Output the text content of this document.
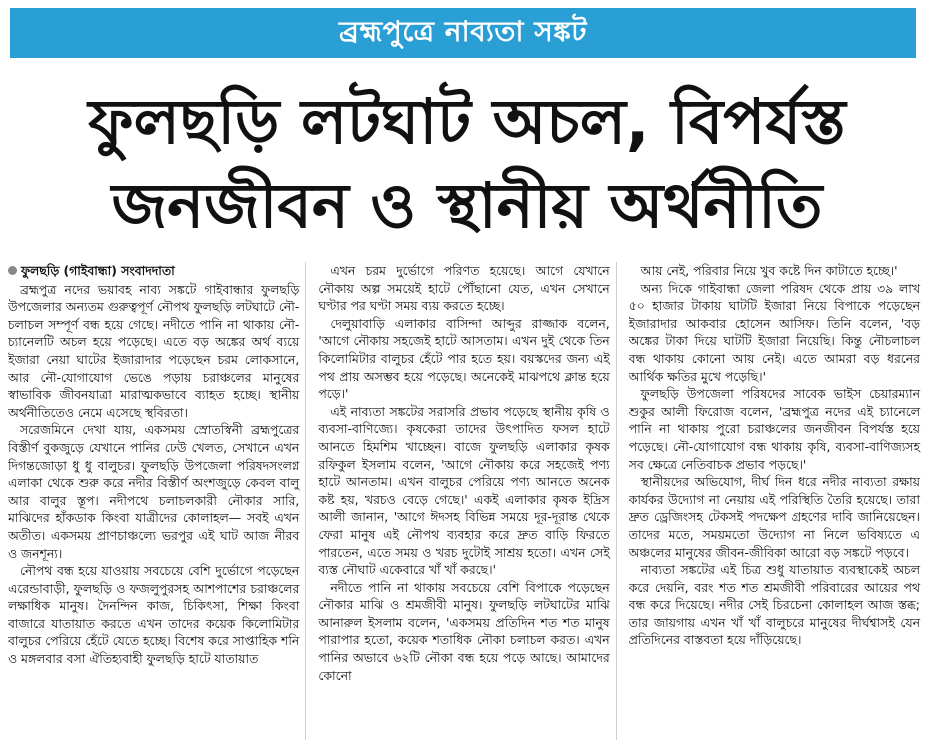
ব্রহ্মপুত্রে নাব্যতা সঙ্কট
ফুলছড়ি লটঘাট অচল, বিপর্যস্ত
জনজীবন ও স্থানীয় অর্থনীতি
ফুলছড়ি (গাইবান্ধা) সংবাদদাতা

ব্রহ্মপুত্র নদের ভয়াবহ নাব্য সঙ্কটে গাইবান্ধার ফুলছড়ি উপজেলার অন্যতম গুরুত্বপূর্ণ নৌপথ ফুলছড়ি লটঘাটে নৌ-চলাচল সম্পূর্ণ বন্ধ হয়ে গেছে। নদীতে পানি না থাকায় নৌ-চ্যানেলটি অচল হয়ে পড়েছে। এতে বড় অঙ্কের অর্থ ব্যয়ে ইজারা নেয়া ঘাটের ইজারাদার পড়েছেন চরম লোকসানে, আর নৌ-যোগাযোগ ভেঙে পড়ায় চরাঞ্চলের মানুষের স্বাভাবিক জীবনযাত্রা মারাত্মকভাবে ব্যাহত হচ্ছে। স্থানীয় অর্থনীতিতেও নেমে এসেছে স্থবিরতা।

সরেজমিনে দেখা যায়, একসময় স্রোতস্বিনী ব্রহ্মপুত্রের বিস্তীর্ণ বুকজুড়ে যেখানে পানির ঢেউ খেলত, সেখানে এখন দিগন্তজোড়া ধু ধু বালুচর। ফুলছড়ি উপজেলা পরিষদসংলগ্ন এলাকা থেকে শুরু করে নদীর বিস্তীর্ণ অংশজুড়ে কেবল বালু আর বালুর স্তূপ। নদীপথে চলাচলকারী নৌকার সারি, মাঝিদের হাঁকডাক কিংবা যাত্রীদের কোলাহল— সবই এখন অতীত। একসময় প্রাণচাঞ্চল্যে ভরপুর এই ঘাট আজ নীরব ও জনশূন্য।

নৌপথ বন্ধ হয়ে যাওয়ায় সবচেয়ে বেশি দুর্ভোগে পড়েছেন এরেন্ডাবাড়ী, ফুলছড়ি ও ফজলুপুরসহ আশপাশের চরাঞ্চলের লক্ষাধিক মানুষ। দৈনন্দিন কাজ, চিকিৎসা, শিক্ষা কিংবা বাজারে যাতায়াত করতে এখন তাদের কয়েক কিলোমিটার বালুচর পেরিয়ে হেঁটে যেতে হচ্ছে। বিশেষ করে সাপ্তাহিক শনি ও মঙ্গলবার বসা ঐতিহ্যবাহী ফুলছড়ি হাটে যাতায়াত

এখন চরম দুর্ভোগে পরিণত হয়েছে। আগে যেখানে নৌকায় অল্প সময়েই হাটে পৌঁছানো যেত, এখন সেখানে ঘণ্টার পর ঘণ্টা সময় ব্যয় করতে হচ্ছে।

দেলুয়াবাড়ি এলাকার বাসিন্দা আব্দুর রাজ্জাক বলেন, 'আগে নৌকায় সহজেই হাটে আসতাম। এখন দুই থেকে তিন কিলোমিটার বালুচর হেঁটে পার হতে হয়। বয়স্কদের জন্য এই পথ প্রায় অসম্ভব হয়ে পড়েছে। অনেকেই মাঝপথে ক্লান্ত হয়ে পড়ে।'

এই নাব্যতা সঙ্কটের সরাসরি প্রভাব পড়েছে স্থানীয় কৃষি ও ব্যবসা-বাণিজ্যে। কৃষকেরা তাদের উৎপাদিত ফসল হাটে আনতে হিমশিম খাচ্ছেন। বাজে ফুলছড়ি এলাকার কৃষক রফিকুল ইসলাম বলেন, 'আগে নৌকায় করে সহজেই পণ্য হাটে আনতাম। এখন বালুচর পেরিয়ে পণ্য আনতে অনেক কষ্ট হয়, খরচও বেড়ে গেছে।' একই এলাকার কৃষক ইদ্রিস আলী জানান, 'আগে ঈদসহ বিভিন্ন সময়ে দূর-দূরান্ত থেকে ফেরা মানুষ এই নৌপথ ব্যবহার করে দ্রুত বাড়ি ফিরতে পারতেন, এতে সময় ও খরচ দুটোই সাশ্রয় হতো। এখন সেই ব্যস্ত নৌঘাট একেবারে খাঁ খাঁ করছে।'

নদীতে পানি না থাকায় সবচেয়ে বেশি বিপাকে পড়েছেন নৌকার মাঝি ও শ্রমজীবী মানুষ। ফুলছড়ি লটঘাটের মাঝি আনারুল ইসলাম বলেন, 'একসময় প্রতিদিন শত শত মানুষ পারাপার হতো, কয়েক শতাধিক নৌকা চলাচল করত। এখন পানির অভাবে ৬২টি নৌকা বন্ধ হয়ে পড়ে আছে। আমাদের কোনো

আয় নেই, পরিবার নিয়ে খুব কষ্টে দিন কাটাতে হচ্ছে।'

অন্য দিকে গাইবান্ধা জেলা পরিষদ থেকে প্রায় ৩৯ লাখ ৫০ হাজার টাকায় ঘাটটি ইজারা নিয়ে বিপাকে পড়েছেন ইজারাদার আকবার হোসেন আসিফ। তিনি বলেন, 'বড় অঙ্কের টাকা দিয়ে ঘাটটি ইজারা নিয়েছি। কিন্তু নৌচলাচল বন্ধ থাকায় কোনো আয় নেই। এতে আমরা বড় ধরনের আর্থিক ক্ষতির মুখে পড়েছি।'

ফুলছড়ি উপজেলা পরিষদের সাবেক ভাইস চেয়ারম্যান শুকুর আলী ফিরোজ বলেন, 'ব্রহ্মপুত্র নদের এই চ্যানেলে পানি না থাকায় পুরো চরাঞ্চলের জনজীবন বিপর্যস্ত হয়ে পড়েছে। নৌ-যোগাযোগ বন্ধ থাকায় কৃষি, ব্যবসা-বাণিজ্যসহ সব ক্ষেত্রে নেতিবাচক প্রভাব পড়ছে।'

স্থানীয়দের অভিযোগ, দীর্ঘ দিন ধরে নদীর নাব্যতা রক্ষায় কার্যকর উদ্যোগ না নেয়ায় এই পরিস্থিতি তৈরি হয়েছে। তারা দ্রুত ড্রেজিংসহ টেকসই পদক্ষেপ গ্রহণের দাবি জানিয়েছেন। তাদের মতে, সময়মতো উদ্যোগ না নিলে ভবিষ্যতে এ অঞ্চলের মানুষের জীবন-জীবিকা আরো বড় সঙ্কটে পড়বে।

নাব্যতা সঙ্কটের এই চিত্র শুধু যাতায়াত ব্যবস্থাকেই অচল করে দেয়নি, বরং শত শত শ্রমজীবী পরিবারের আয়ের পথ বন্ধ করে দিয়েছে। নদীর সেই চিরচেনা কোলাহল আজ স্তব্ধ; তার জায়গায় এখন খাঁ খাঁ বালুচরে মানুষের দীর্ঘশ্বাসই যেন প্রতিদিনের বাস্তবতা হয়ে দাঁড়িয়েছে।
